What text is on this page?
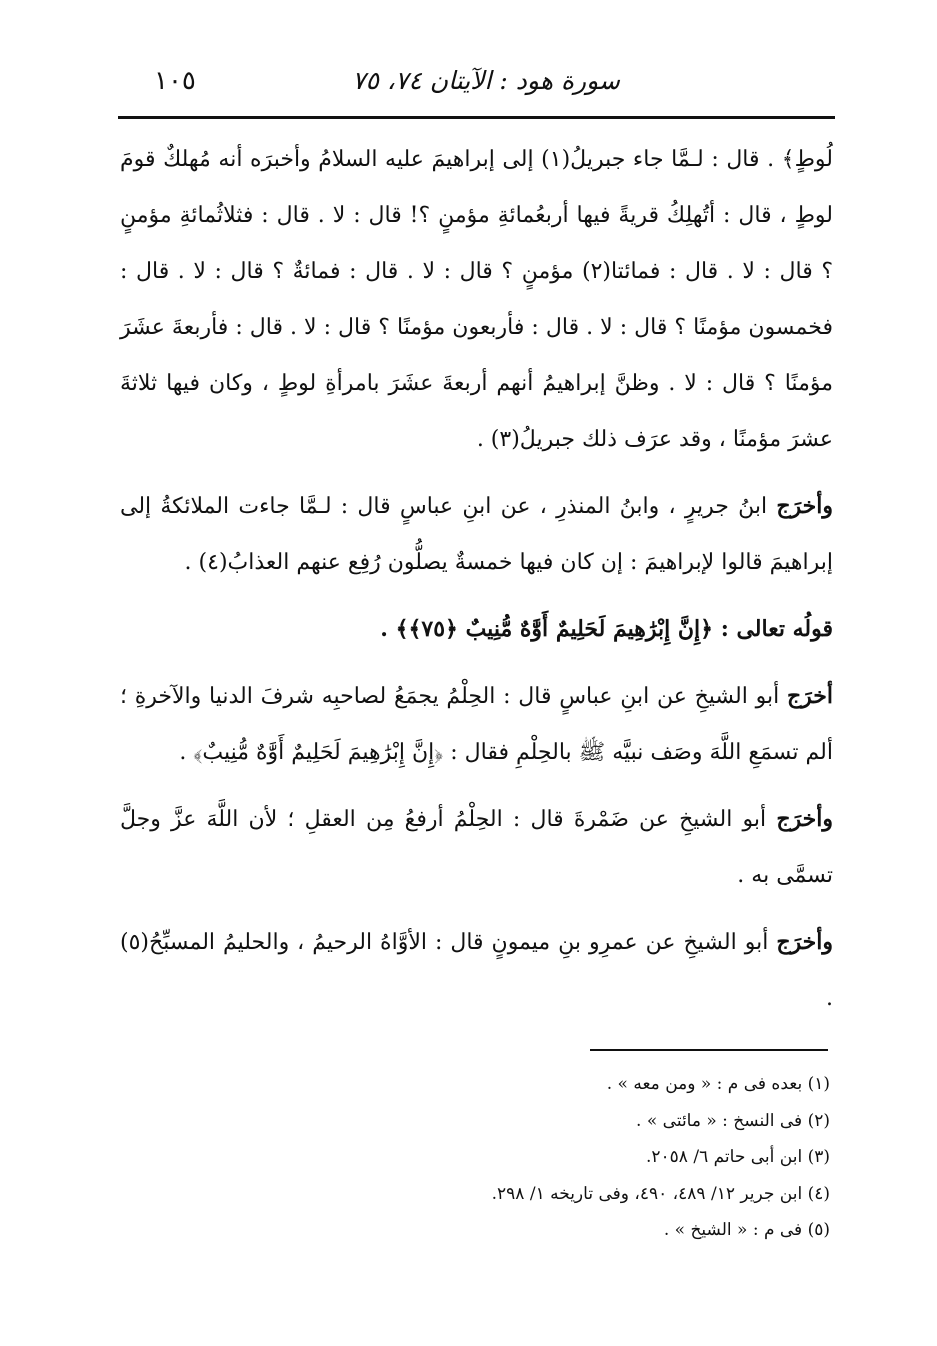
١٠٥	سورة هود : الآيتان ٧٤، ٧٥

لُوطٍ﴾ . قال : لـمَّا جاء جبريلُ(١) إلى إبراهيمَ عليه السلامُ وأخبرَه أنه مُهلكٌ قومَ لوطٍ ، قال : أتُهلِكُ قريةً فيها أربعُمائةِ مؤمنٍ ؟! قال : لا . قال : فثلاثُمائةِ مؤمنٍ ؟ قال : لا . قال : فمائتا(٢) مؤمنٍ ؟ قال : لا . قال : فمائةٌ ؟ قال : لا . قال : فخمسون مؤمنًا ؟ قال : لا . قال : فأربعون مؤمنًا ؟ قال : لا . قال : فأربعةَ عشَرَ مؤمنًا ؟ قال : لا . وظنَّ إبراهيمُ أنهم أربعةَ عشَرَ بامرأةِ لوطٍ ، وكان فيها ثلاثةَ عشرَ مؤمنًا ، وقد عرَف ذلك جبريلُ(٣) .

وأخرَج ابنُ جريرٍ ، وابنُ المنذرِ ، عن ابنِ عباسٍ قال : لـمَّا جاءت الملائكةُ إلى إبراهيمَ قالوا لإبراهيمَ : إن كان فيها خمسةٌ يصلُّون رُفِع عنهم العذابُ(٤) .

قولُه تعالى : ﴿إِنَّ إِبْرَٰهِيمَ لَحَلِيمٌ أَوَّٰهٌ مُّنِيبٌ ﴿٧٥﴾﴾ .

أخرَج أبو الشيخِ عن ابنِ عباسٍ قال : الحِلْمُ يجمَعُ لصاحبِه شرفَ الدنيا والآخرةِ ؛ ألم تسمَعِ اللَّهَ وصَف نبيَّه ﷺ بالحِلْمِ فقال : ﴿إِنَّ إِبْرَٰهِيمَ لَحَلِيمٌ أَوَّٰهٌ مُّنِيبٌ﴾ .

وأخرَج أبو الشيخِ عن ضَمْرةَ قال : الحِلْمُ أرفعُ مِن العقلِ ؛ لأن اللَّهَ عزَّ وجلَّ تسمَّى به .

وأخرَج أبو الشيخِ عن عمرِو بنِ ميمونٍ قال : الأوَّاهُ الرحيمُ ، والحليمُ المسبِّحُ(٥) .

(١) بعده فى م : « ومن معه » .
(٢) فى النسخ : « مائتى » .
(٣) ابن أبى حاتم ٦/ ٢٠٥٨.
(٤) ابن جرير ١٢/ ٤٨٩، ٤٩٠، وفى تاريخه ١/ ٢٩٨.
(٥) فى م : « الشيخ » .
